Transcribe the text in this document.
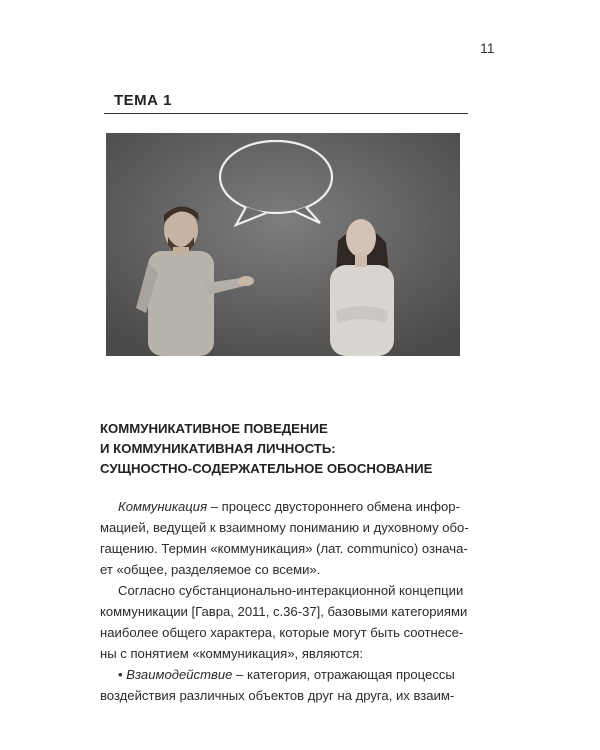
11
ТЕМА 1
КОММУНИКАТИВНОЕ ПОВЕДЕНИЕ
И КОММУНИКАТИВНАЯ ЛИЧНОСТЬ:
СУЩНОСТНО-СОДЕРЖАТЕЛЬНОЕ ОБОСНОВАНИЕ
Коммуникация – процесс двустороннего обмена инфор-
мацией, ведущей к взаимному пониманию и духовному обо-
гащению. Термин «коммуникация» (лат. communico) означа-
ет «общее, разделяемое со всеми».
Согласно субстанционально-интеракционной концепции
коммуникации [Гавра, 2011, с.36-37], базовыми категориями
наиболее общего характера, которые могут быть соотнесе-
ны с понятием «коммуникация», являются:
• Взаимодействие – категория, отражающая процессы
воздействия различных объектов друг на друга, их взаим-
